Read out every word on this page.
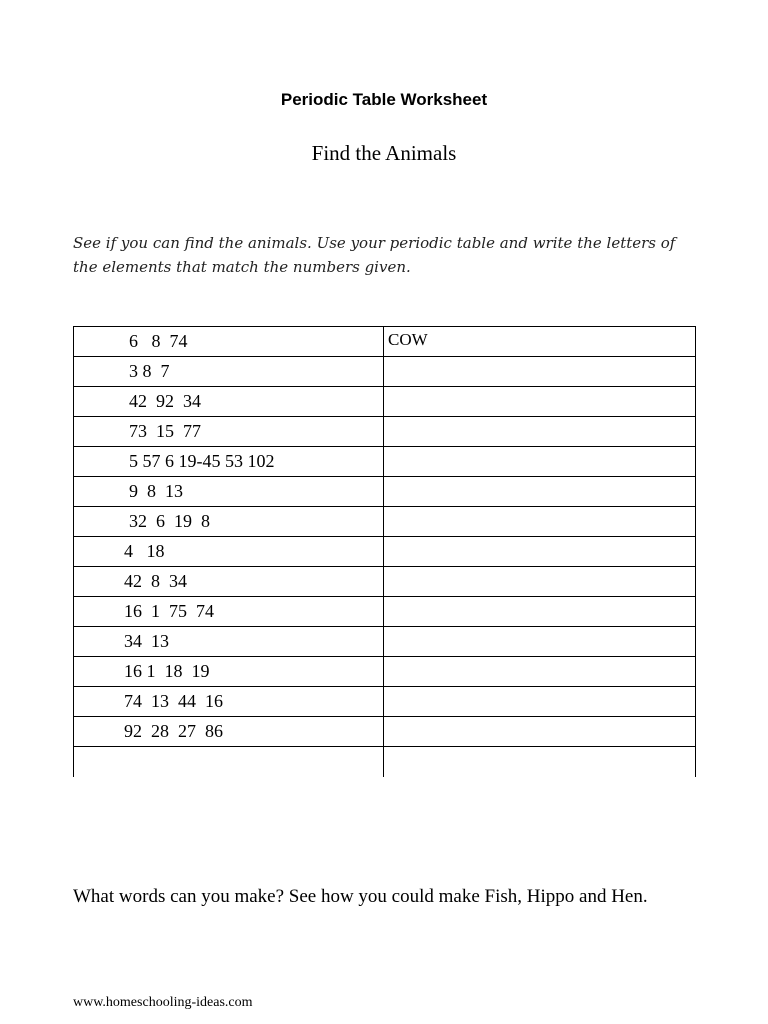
Periodic Table Worksheet
Find the Animals
See if you can find the animals. Use your periodic table and write the letters of the elements that match the numbers given.
6   8  74	COW
3 8  7	
42  92  34	
73  15  77	
5 57 6 19-45 53 102	
9  8  13	
32  6  19  8	
4   18	
42  8  34	
16  1  75  74	
34  13	
16 1  18  19	
74  13  44  16	
92  28  27  86	

What words can you make? See how you could make Fish, Hippo and Hen.
www.homeschooling-ideas.com
